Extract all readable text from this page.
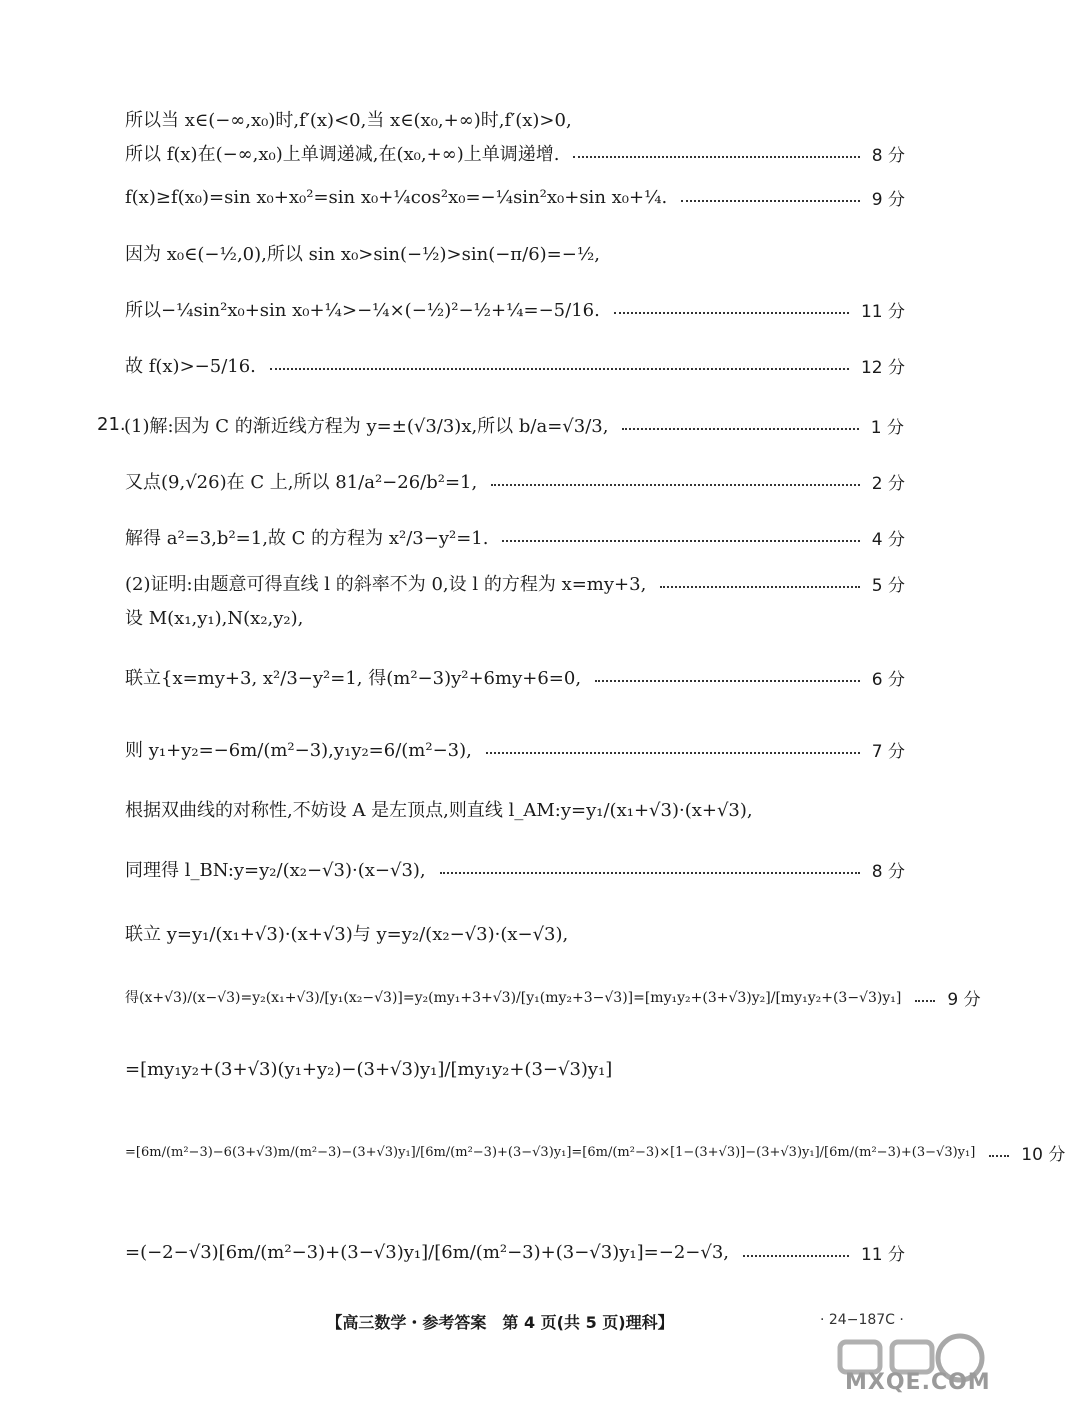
所以当 x∈(−∞,x₀)时,f′(x)<0,当 x∈(x₀,+∞)时,f′(x)>0,
所以 f(x)在(−∞,x₀)上单调递减,在(x₀,+∞)上单调递增.	8 分
f(x)≥f(x₀)=sin x₀+x₀²=sin x₀+¼cos²x₀=−¼sin²x₀+sin x₀+¼.	9 分
因为 x₀∈(−½,0),所以 sin x₀>sin(−½)>sin(−π/6)=−½,
所以−¼sin²x₀+sin x₀+¼>−¼×(−½)²−½+¼=−5/16.	11 分
故 f(x)>−5/16.	12 分
21.
(1)解:因为 C 的渐近线方程为 y=±(√3/3)x,所以 b/a=√3/3,	1 分
又点(9,√26)在 C 上,所以 81/a²−26/b²=1,	2 分
解得 a²=3,b²=1,故 C 的方程为 x²/3−y²=1.	4 分
(2)证明:由题意可得直线 l 的斜率不为 0,设 l 的方程为 x=my+3,	5 分
设 M(x₁,y₁),N(x₂,y₂),
联立{x=my+3, x²/3−y²=1, 得(m²−3)y²+6my+6=0,	6 分
则 y₁+y₂=−6m/(m²−3),y₁y₂=6/(m²−3),	7 分
根据双曲线的对称性,不妨设 A 是左顶点,则直线 l_AM:y=y₁/(x₁+√3)·(x+√3),
同理得 l_BN:y=y₂/(x₂−√3)·(x−√3),	8 分
联立 y=y₁/(x₁+√3)·(x+√3)与 y=y₂/(x₂−√3)·(x−√3),
得(x+√3)/(x−√3)=y₂(x₁+√3)/[y₁(x₂−√3)]=y₂(my₁+3+√3)/[y₁(my₂+3−√3)]=[my₁y₂+(3+√3)y₂]/[my₁y₂+(3−√3)y₁]	9 分
=[my₁y₂+(3+√3)(y₁+y₂)−(3+√3)y₁]/[my₁y₂+(3−√3)y₁]
=[6m/(m²−3)−6(3+√3)m/(m²−3)−(3+√3)y₁]/[6m/(m²−3)+(3−√3)y₁]=[6m/(m²−3)×[1−(3+√3)]−(3+√3)y₁]/[6m/(m²−3)+(3−√3)y₁]	10 分
=(−2−√3)[6m/(m²−3)+(3−√3)y₁]/[6m/(m²−3)+(3−√3)y₁]=−2−√3,	11 分
【高三数学・参考答案　第 4 页(共 5 页)理科】	· 24−187C ·
MXQE.COM
